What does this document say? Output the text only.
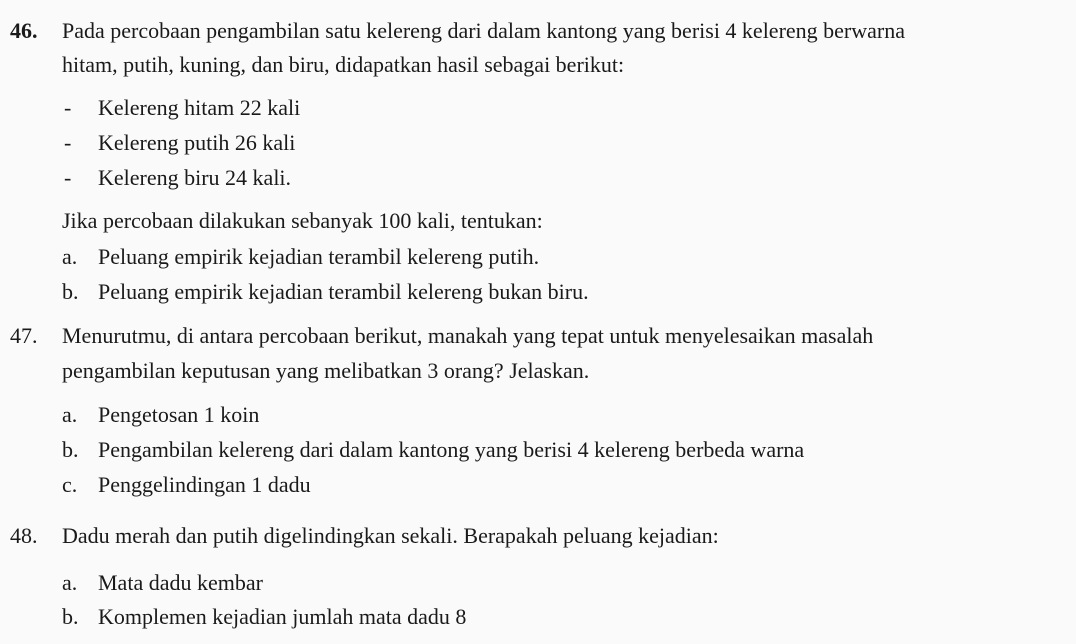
46. Pada percobaan pengambilan satu kelereng dari dalam kantong yang berisi 4 kelereng berwarna
hitam, putih, kuning, dan biru, didapatkan hasil sebagai berikut:
- Kelereng hitam 22 kali
- Kelereng putih 26 kali
- Kelereng biru 24 kali.
Jika percobaan dilakukan sebanyak 100 kali, tentukan:
a. Peluang empirik kejadian terambil kelereng putih.
b. Peluang empirik kejadian terambil kelereng bukan biru.
47. Menurutmu, di antara percobaan berikut, manakah yang tepat untuk menyelesaikan masalah
pengambilan keputusan yang melibatkan 3 orang? Jelaskan.
a. Pengetosan 1 koin
b. Pengambilan kelereng dari dalam kantong yang berisi 4 kelereng berbeda warna
c. Penggelindingan 1 dadu
48. Dadu merah dan putih digelindingkan sekali. Berapakah peluang kejadian:
a. Mata dadu kembar
b. Komplemen kejadian jumlah mata dadu 8
